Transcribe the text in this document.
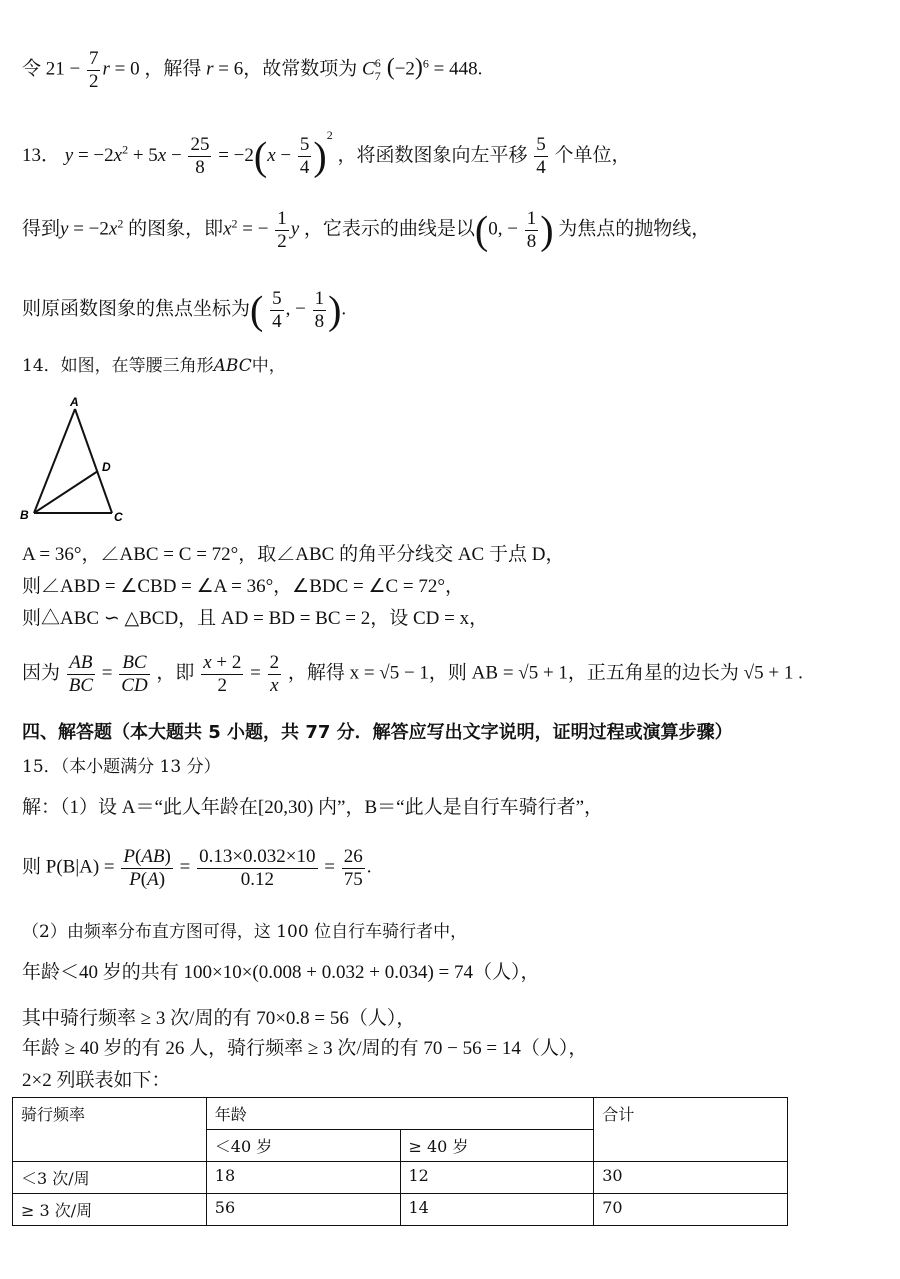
令 $21 - \frac{7}{2}$ r = 0 ，解得 r = 6，故常数项为 $C_7^6$ $(-2)^6 = 448$.
13． $y = -2x^2 + 5x - \frac{25}{8} = -2(x - \frac{5}{4} )^2$ ，将函数图象向左平移 $\frac{5}{4}$ 个单位，
得到$y = -2x^2$ 的图象，即$x^2$ = − $\frac{1}{2}$ y ，它表示的曲线是以(0, − $\frac{1}{8}$ ) 为焦点的抛物线，
则原函数图象的焦点坐标为( $\frac{5}{4}$ , − $\frac{1}{8}$ ).
14．如图，在等腰三角形ABC中，
A
B	C
D
A = 36°，∠ABC = C = 72°，取∠ABC 的角平分线交 AC 于点 D，
则∠ABD = ∠CBD = ∠A = 36°，∠BDC = ∠C = 72°，
则△ABC ∽ △BCD，且 AD = BD = BC = 2，设 CD = x，
因为 $\frac{AB}{BC} = \frac{BC}{CD}$ ，即 $\frac{x + 2}{2} = \frac{2}{x}$ ，解得 x = √5 − 1，则 AB = √5 + 1，正五角星的边长为 √5 + 1 .
四、解答题（本大题共 5 小题，共 77 分．解答应写出文字说明，证明过程或演算步骤）
15．（本小题满分 13 分）
解：（1）设 A＝“此人年龄在[20,30) 内”，B＝“此人是自行车骑行者”，
则 $P(B|A) = \frac{P(AB)}{P(A)} = \frac{0.13\times 0.032\times 10}{0.12} = \frac{26}{75}$ .
（2）由频率分布直方图可得，这 100 位自行车骑行者中，
年龄＜40 岁的共有 100×10×(0.008 + 0.032 + 0.034) = 74（人），
其中骑行频率 ≥ 3 次/周的有 70×0.8 = 56（人），
年龄 ≥ 40 岁的有 26 人，骑行频率 ≥ 3 次/周的有 70 − 56 = 14（人），
2×2 列联表如下：
骑行频率	年龄		合计
	＜40 岁	≥ 40 岁	
＜3 次/周	18	12	30
≥ 3 次/周	56	14	70
